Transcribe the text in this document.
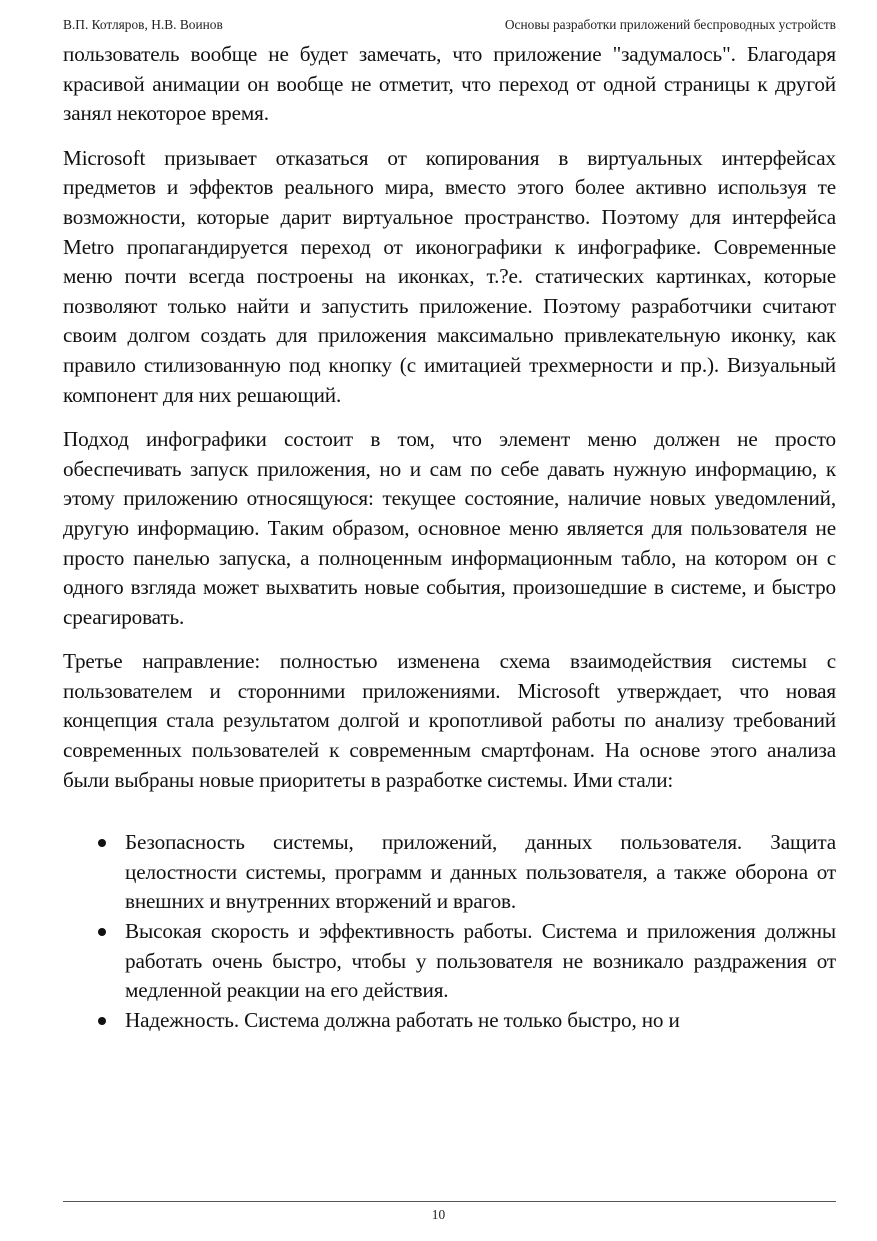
В.П. Котляров, Н.В. Воинов	Основы разработки приложений беспроводных устройств

пользователь вообще не будет замечать, что приложение "задумалось". Благодаря красивой анимации он вообще не отметит, что переход от одной страницы к другой занял некоторое время.

Microsoft призывает отказаться от копирования в виртуальных интерфейсах предметов и эффектов реального мира, вместо этого более активно используя те возможности, которые дарит виртуальное пространство. Поэтому для интерфейса Metro пропагандируется переход от иконографики к инфографике. Современные меню почти всегда построены на иконках, т.?е. статических картинках, которые позволяют только найти и запустить приложение. Поэтому разработчики считают своим долгом создать для приложения максимально привлекательную иконку, как правило стилизованную под кнопку (с имитацией трехмерности и пр.). Визуальный компонент для них решающий.

Подход инфографики состоит в том, что элемент меню должен не просто обеспечивать запуск приложения, но и сам по себе давать нужную информацию, к этому приложению относящуюся: текущее состояние, наличие новых уведомлений, другую информацию. Таким образом, основное меню является для пользователя не просто панелью запуска, а полноценным информационным табло, на котором он с одного взгляда может выхватить новые события, произошедшие в системе, и быстро среагировать.

Третье направление: полностью изменена схема взаимодействия системы с пользователем и сторонними приложениями. Microsoft утверждает, что новая концепция стала результатом долгой и кропотливой работы по анализу требований современных пользователей к современным смартфонам. На основе этого анализа были выбраны новые приоритеты в разработке системы. Ими стали:

Безопасность системы, приложений, данных пользователя. Защита целостности системы, программ и данных пользователя, а также оборона от внешних и внутренних вторжений и врагов.
Высокая скорость и эффективность работы. Система и приложения должны работать очень быстро, чтобы у пользователя не возникало раздражения от медленной реакции на его действия.
Надежность. Система должна работать не только быстро, но и
10
